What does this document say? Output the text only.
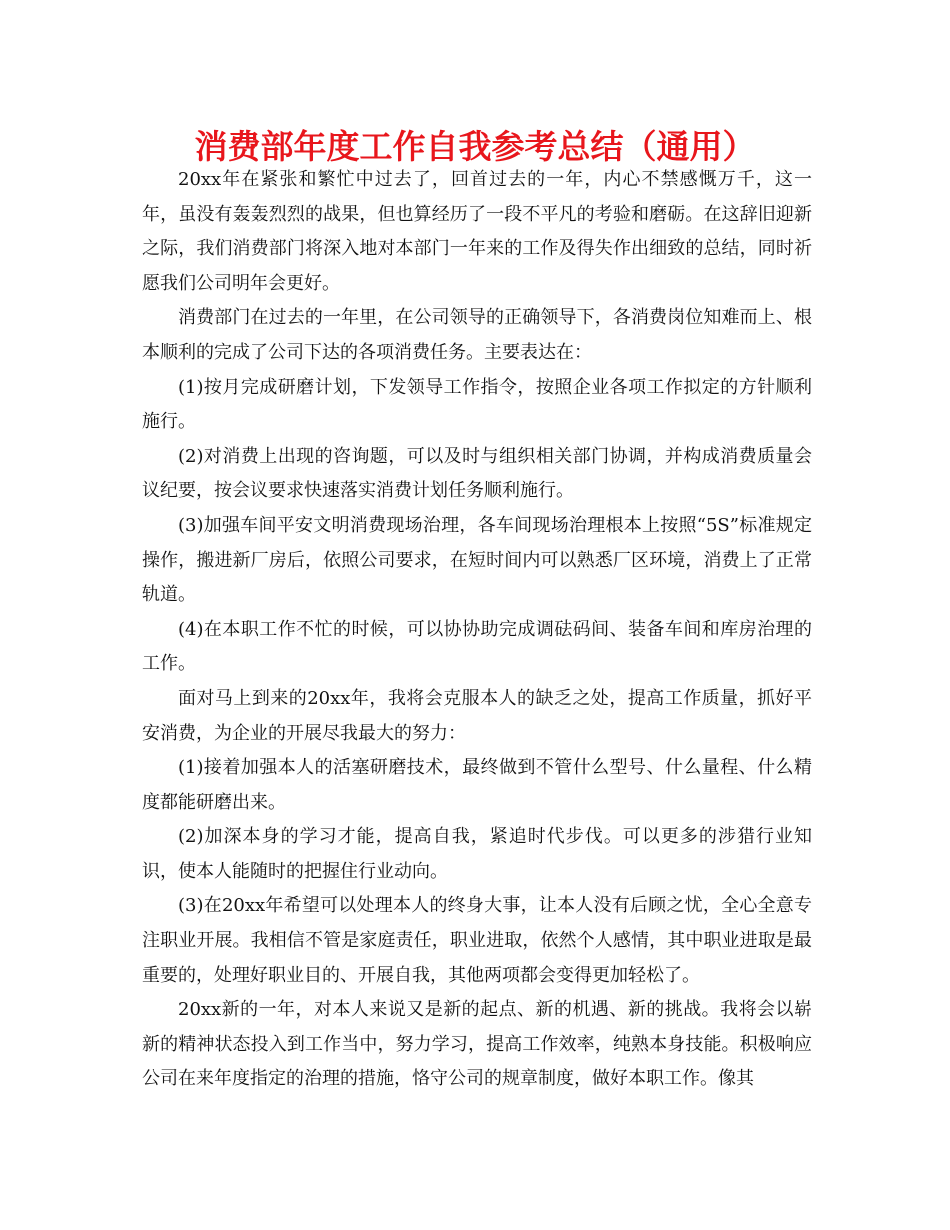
消费部年度工作自我参考总结（通用）

20xx年在紧张和繁忙中过去了，回首过去的一年，内心不禁感慨万千，这一年，虽没有轰轰烈烈的战果，但也算经历了一段不平凡的考验和磨砺。在这辞旧迎新之际，我们消费部门将深入地对本部门一年来的工作及得失作出细致的总结，同时祈愿我们公司明年会更好。

消费部门在过去的一年里，在公司领导的正确领导下，各消费岗位知难而上、根本顺利的完成了公司下达的各项消费任务。主要表达在：

(1)按月完成研磨计划，下发领导工作指令，按照企业各项工作拟定的方针顺利施行。

(2)对消费上出现的咨询题，可以及时与组织相关部门协调，并构成消费质量会议纪要，按会议要求快速落实消费计划任务顺利施行。

(3)加强车间平安文明消费现场治理，各车间现场治理根本上按照“5S”标准规定操作，搬进新厂房后，依照公司要求，在短时间内可以熟悉厂区环境，消费上了正常轨道。

(4)在本职工作不忙的时候，可以协协助完成调砝码间、装备车间和库房治理的工作。

面对马上到来的20xx年，我将会克服本人的缺乏之处，提高工作质量，抓好平安消费，为企业的开展尽我最大的努力：

(1)接着加强本人的活塞研磨技术，最终做到不管什么型号、什么量程、什么精度都能研磨出来。

(2)加深本身的学习才能，提高自我，紧追时代步伐。可以更多的涉猎行业知识，使本人能随时的把握住行业动向。

(3)在20xx年希望可以处理本人的终身大事，让本人没有后顾之忧，全心全意专注职业开展。我相信不管是家庭责任，职业进取，依然个人感情，其中职业进取是最重要的，处理好职业目的、开展自我，其他两项都会变得更加轻松了。

20xx新的一年，对本人来说又是新的起点、新的机遇、新的挑战。我将会以崭新的精神状态投入到工作当中，努力学习，提高工作效率，纯熟本身技能。积极响应公司在来年度指定的治理的措施，恪守公司的规章制度，做好本职工作。像其
